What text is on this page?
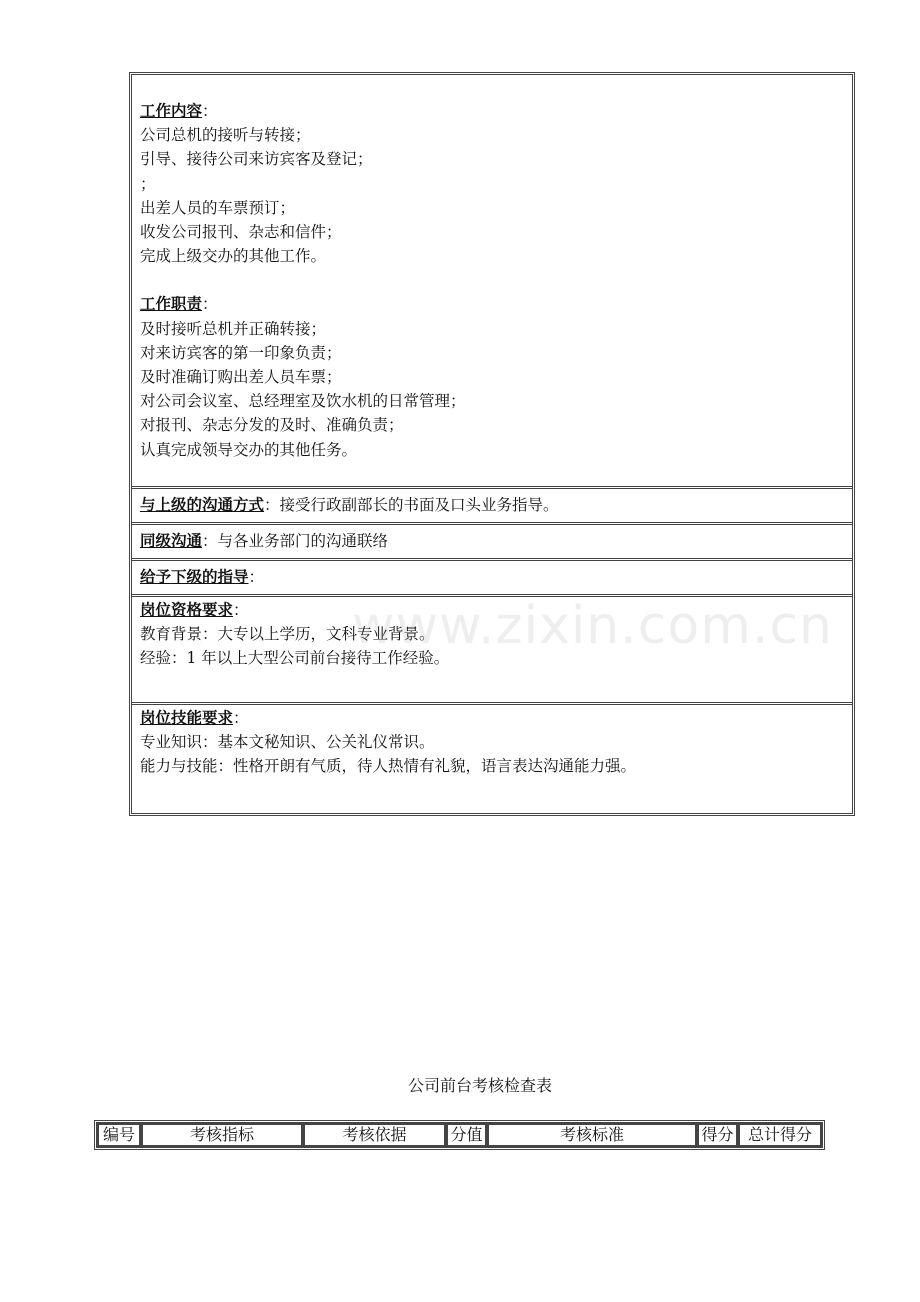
工作内容：
公司总机的接听与转接；
引导、接待公司来访宾客及登记；
；
出差人员的车票预订；
收发公司报刊、杂志和信件；
完成上级交办的其他工作。
工作职责：
及时接听总机并正确转接；
对来访宾客的第一印象负责；
及时准确订购出差人员车票；
对公司会议室、总经理室及饮水机的日常管理；
对报刊、杂志分发的及时、准确负责；
认真完成领导交办的其他任务。
与上级的沟通方式：接受行政副部长的书面及口头业务指导。
同级沟通：与各业务部门的沟通联络
给予下级的指导：
岗位资格要求：
教育背景：大专以上学历，文科专业背景。
经验：1 年以上大型公司前台接待工作经验。
岗位技能要求：
专业知识：基本文秘知识、公关礼仪常识。
能力与技能：性格开朗有气质，待人热情有礼貌，语言表达沟通能力强。
www.zixin.com.cn
公司前台考核检查表
编号	考核指标	考核依据	分值	考核标准	得分	总计得分
